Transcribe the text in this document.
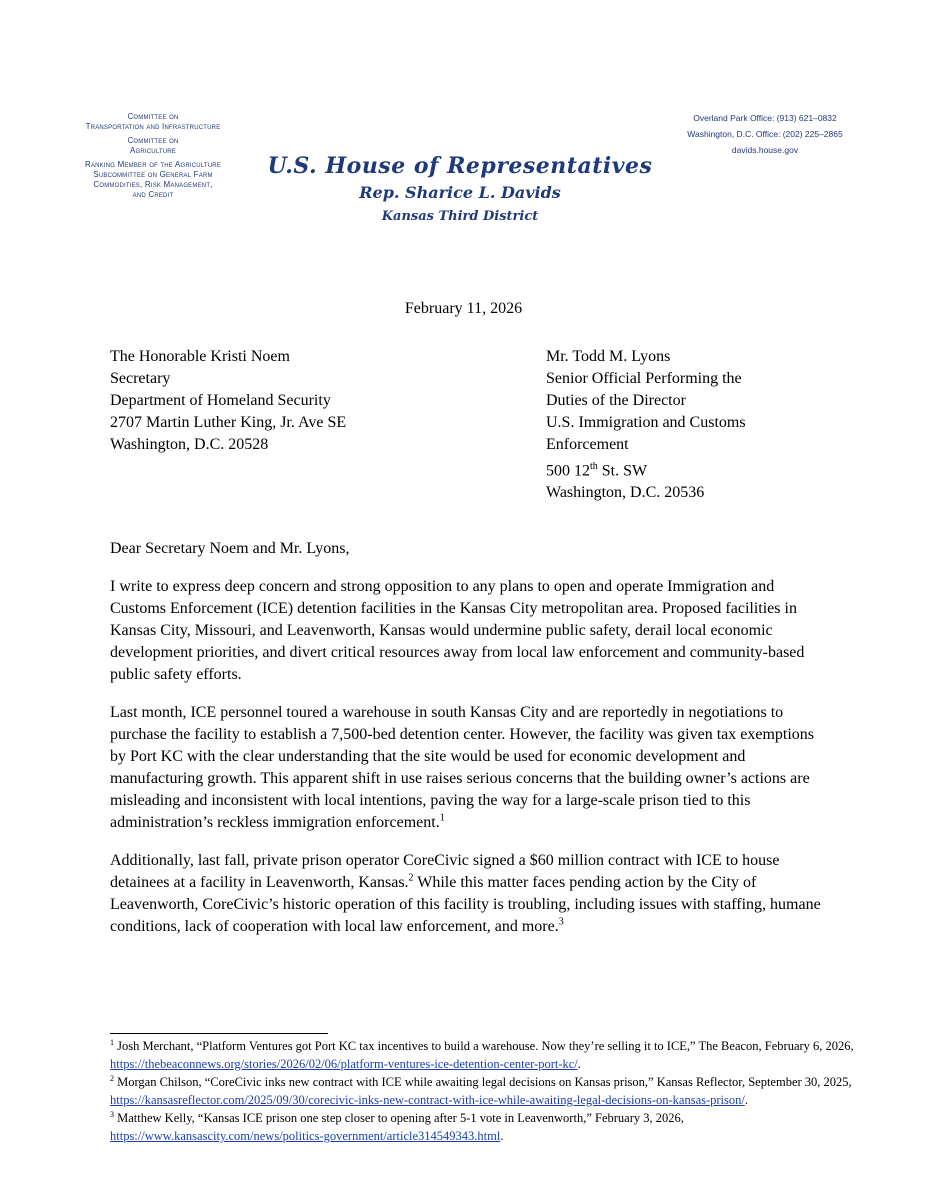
Committee on
Transportation and Infrastructure
Committee on
Agriculture
Ranking Member of the Agriculture
Subcommittee on General Farm
Commodities, Risk Management,
and Credit
Overland Park Office: (913) 621–0832
Washington, D.C. Office: (202) 225–2865
davids.house.gov
U.S. House of Representatives
Rep. Sharice L. Davids
Kansas Third District
February 11, 2026
The Honorable Kristi Noem
Secretary
Department of Homeland Security
2707 Martin Luther King, Jr. Ave SE
Washington, D.C. 20528
Mr. Todd M. Lyons
Senior Official Performing the
Duties of the Director
U.S. Immigration and Customs
Enforcement
500 12th St. SW
Washington, D.C. 20536

Dear Secretary Noem and Mr. Lyons,

I write to express deep concern and strong opposition to any plans to open and operate Immigration and Customs Enforcement (ICE) detention facilities in the Kansas City metropolitan area. Proposed facilities in Kansas City, Missouri, and Leavenworth, Kansas would undermine public safety, derail local economic development priorities, and divert critical resources away from local law enforcement and community-based public safety efforts.

Last month, ICE personnel toured a warehouse in south Kansas City and are reportedly in negotiations to purchase the facility to establish a 7,500-bed detention center. However, the facility was given tax exemptions by Port KC with the clear understanding that the site would be used for economic development and manufacturing growth. This apparent shift in use raises serious concerns that the building owner’s actions are misleading and inconsistent with local intentions, paving the way for a large-scale prison tied to this administration’s reckless immigration enforcement.$^1$

Additionally, last fall, private prison operator CoreCivic signed a $60 million contract with ICE to house detainees at a facility in Leavenworth, Kansas.$^2$ While this matter faces pending action by the City of Leavenworth, CoreCivic’s historic operation of this facility is troubling, including issues with staffing, humane conditions, lack of cooperation with local law enforcement, and more.$^3$

$^1$ Josh Merchant, “Platform Ventures got Port KC tax incentives to build a warehouse. Now they’re selling it to ICE,” The Beacon, February 6, 2026, https://thebeaconnews.org/stories/2026/02/06/platform-ventures-ice-detention-center-port-kc/.
$^2$ Morgan Chilson, “CoreCivic inks new contract with ICE while awaiting legal decisions on Kansas prison,” Kansas Reflector, September 30, 2025, https://kansasreflector.com/2025/09/30/corecivic-inks-new-contract-with-ice-while-awaiting-legal-decisions-on-kansas-prison/.
$^3$ Matthew Kelly, “Kansas ICE prison one step closer to opening after 5-1 vote in Leavenworth,” February 3, 2026, https://www.kansascity.com/news/politics-government/article314549343.html.
